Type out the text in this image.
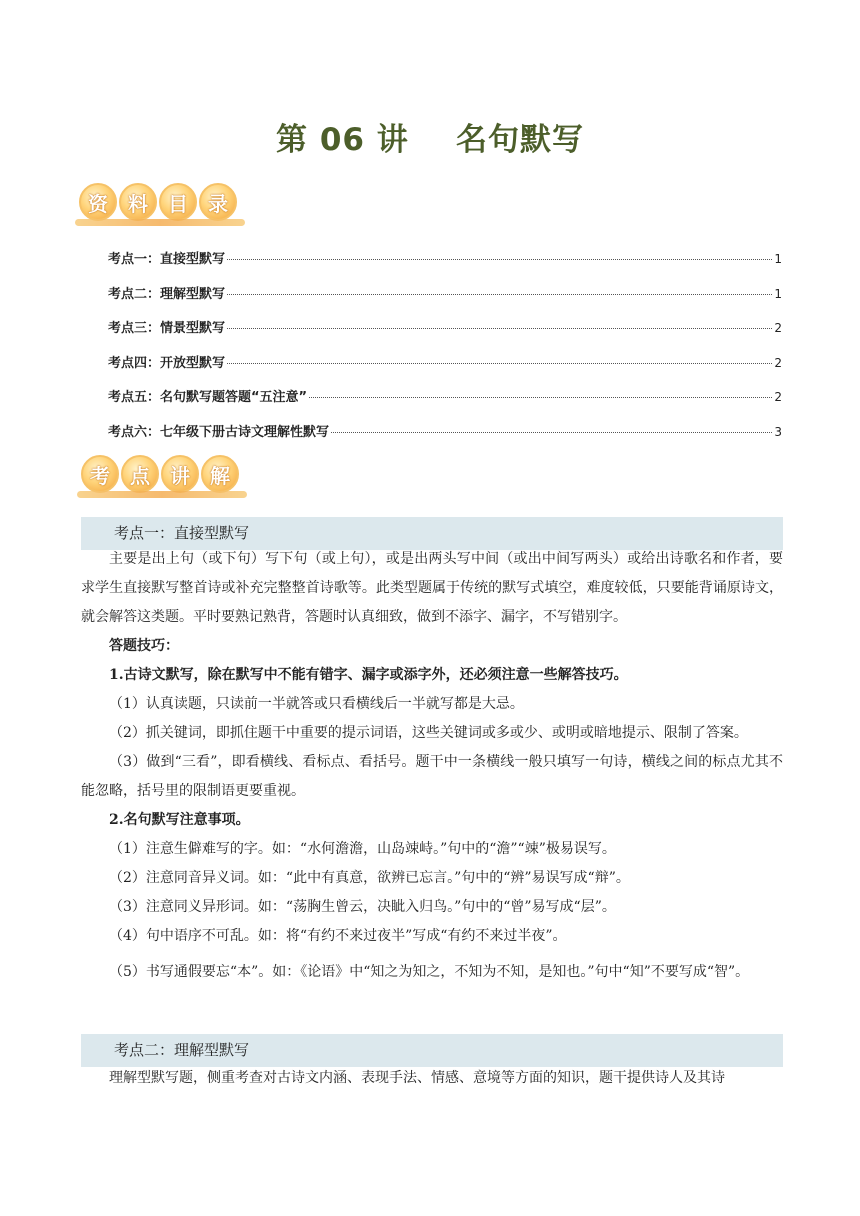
第 06 讲    名句默写
资	料	目	录
考点一：直接型默写	1
考点二：理解型默写	1
考点三：情景型默写	2
考点四：开放型默写	2
考点五：名句默写题答题“五注意”	2
考点六：七年级下册古诗文理解性默写	3
考	点	讲	解
考点一：直接型默写
主要是出上句（或下句）写下句（或上句），或是出两头写中间（或出中间写两头）或给出诗歌名和作者，要求学生直接默写整首诗或补充完整整首诗歌等。此类型题属于传统的默写式填空，难度较低，只要能背诵原诗文，就会解答这类题。平时要熟记熟背，答题时认真细致，做到不添字、漏字，不写错别字。
答题技巧：
1.古诗文默写，除在默写中不能有错字、漏字或添字外，还必须注意一些解答技巧。
（1）认真读题，只读前一半就答或只看横线后一半就写都是大忌。
（2）抓关键词，即抓住题干中重要的提示词语，这些关键词或多或少、或明或暗地提示、限制了答案。
（3）做到“三看”，即看横线、看标点、看括号。题干中一条横线一般只填写一句诗，横线之间的标点尤其不能忽略，括号里的限制语更要重视。
2.名句默写注意事项。
（1）注意生僻难写的字。如：“水何澹澹，山岛竦峙。”句中的“澹”“竦”极易误写。
（2）注意同音异义词。如：“此中有真意，欲辨已忘言。”句中的“辨”易误写成“辩”。
（3）注意同义异形词。如：“荡胸生曾云，决眦入归鸟。”句中的“曾”易写成“层”。
（4）句中语序不可乱。如：将“有约不来过夜半”写成“有约不来过半夜”。
（5）书写通假要忘“本”。如：《论语》中“知之为知之，不知为不知，是知也。”句中“知”不要写成“智”。
考点二：理解型默写
理解型默写题，侧重考查对古诗文内涵、表现手法、情感、意境等方面的知识，题干提供诗人及其诗
